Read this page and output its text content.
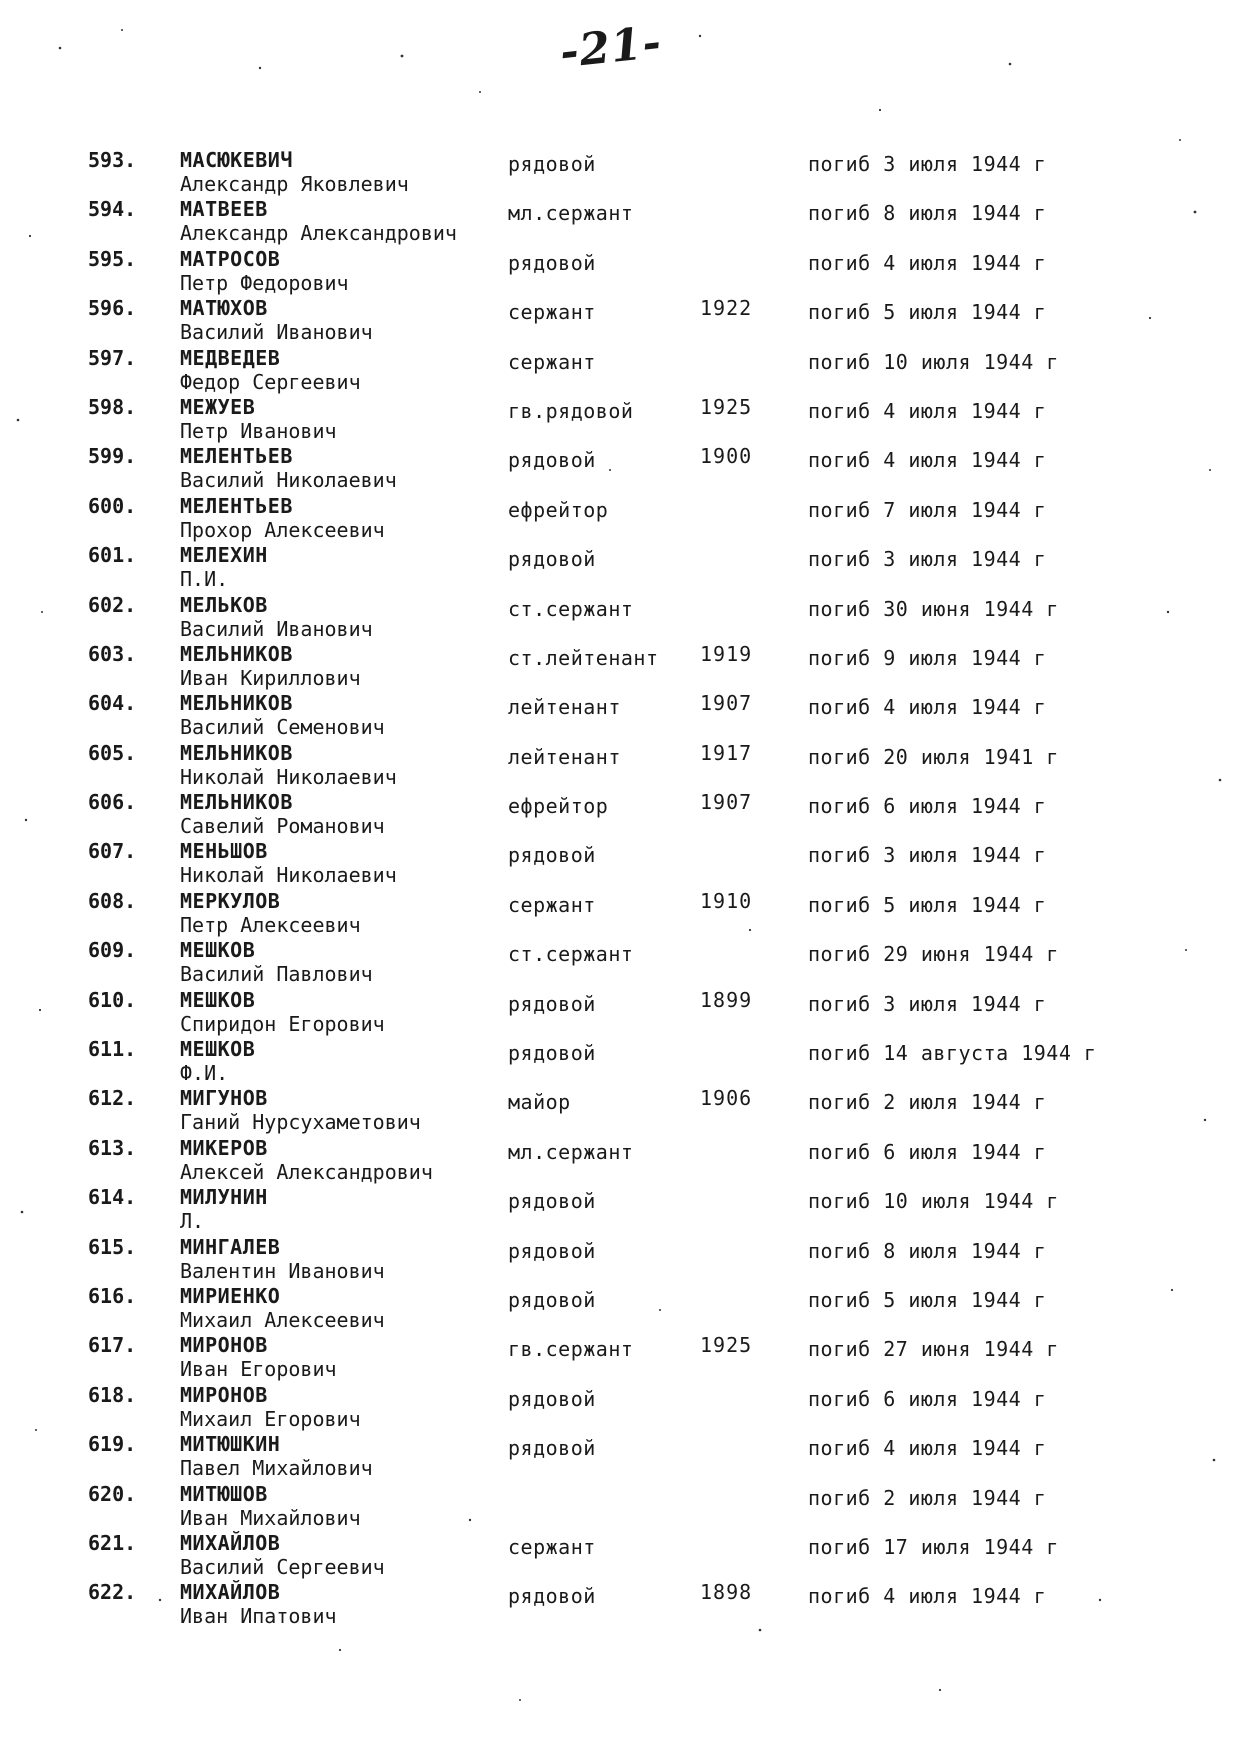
-21-
593. МАСЮКЕВИЧ
Александр Яковлевич
рядовой	погиб 3 июля 1944 г
594. МАТВЕЕВ
Александр Александрович
мл.сержант	погиб 8 июля 1944 г
595. МАТРОСОВ
Петр Федорович
рядовой	погиб 4 июля 1944 г
596. МАТЮХОВ
Василий Иванович
сержант	1922	погиб 5 июля 1944 г
597. МЕДВЕДЕВ
Федор Сергеевич
сержант	погиб 10 июля 1944 г
598. МЕЖУЕВ
Петр Иванович
гв.рядовой	1925	погиб 4 июля 1944 г
599. МЕЛЕНТЬЕВ
Василий Николаевич
рядовой	1900	погиб 4 июля 1944 г
600. МЕЛЕНТЬЕВ
Прохор Алексеевич
ефрейтор	погиб 7 июля 1944 г
601. МЕЛЕХИН
П.И.
рядовой	погиб 3 июля 1944 г
602. МЕЛЬКОВ
Василий Иванович
ст.сержант	погиб 30 июня 1944 г
603. МЕЛЬНИКОВ
Иван Кириллович
ст.лейтенант 1919	погиб 9 июля 1944 г
604. МЕЛЬНИКОВ
Василий Семенович
лейтенант	1907	погиб 4 июля 1944 г
605. МЕЛЬНИКОВ
Николай Николаевич
лейтенант	1917	погиб 20 июля 1941 г
606. МЕЛЬНИКОВ
Савелий Романович
ефрейтор	1907	погиб 6 июля 1944 г
607. МЕНЬШОВ
Николай Николаевич
рядовой	погиб 3 июля 1944 г
608. МЕРКУЛОВ
Петр Алексеевич
сержант	1910	погиб 5 июля 1944 г
609. МЕШКОВ
Василий Павлович
ст.сержант	погиб 29 июня 1944 г
610. МЕШКОВ
Спиридон Егорович
рядовой	1899	погиб 3 июля 1944 г
611. МЕШКОВ
Ф.И.
рядовой	погиб 14 августа 1944 г
612. МИГУНОВ
Ганий Нурсухаметович
майор	1906	погиб 2 июля 1944 г
613. МИКЕРОВ
Алексей Александрович
мл.сержант	погиб 6 июля 1944 г
614. МИЛУНИН
Л.
рядовой	погиб 10 июля 1944 г
615. МИНГАЛЕВ
Валентин Иванович
рядовой	погиб 8 июля 1944 г
616. МИРИЕНКО
Михаил Алексеевич
рядовой	погиб 5 июля 1944 г
617. МИРОНОВ
Иван Егорович
гв.сержант	1925	погиб 27 июня 1944 г
618. МИРОНОВ
Михаил Егорович
рядовой	погиб 6 июля 1944 г
619. МИТЮШКИН
Павел Михайлович
рядовой	погиб 4 июля 1944 г
620. МИТЮШОВ
Иван Михайлович
погиб 2 июля 1944 г
621. МИХАЙЛОВ
Василий Сергеевич
сержант	погиб 17 июля 1944 г
622. МИХАЙЛОВ
Иван Ипатович
рядовой	1898	погиб 4 июля 1944 г
